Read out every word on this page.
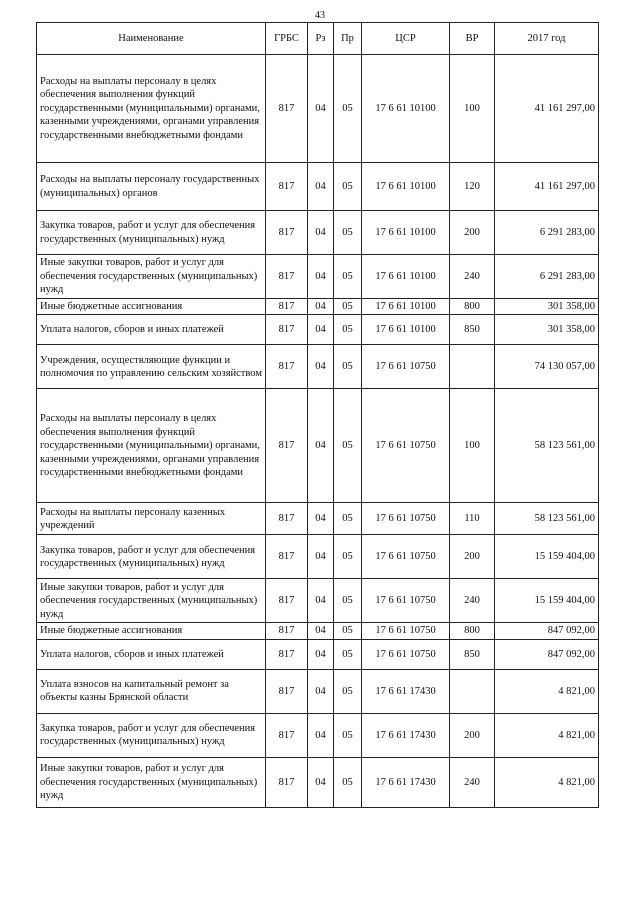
43
Наименование	ГРБС	Рз	Пр	ЦСР	ВР	2017 год
Расходы на выплаты персоналу в целях обеспечения выполнения функций государственными (муниципальными) органами, казенными учреждениями, органами управления государственными внебюджетными фондами	817	04	05	17 6 61 10100	100	41 161 297,00
Расходы на выплаты персоналу государственных (муниципальных) органов	817	04	05	17 6 61 10100	120	41 161 297,00
Закупка товаров, работ и услуг для обеспечения государственных (муниципальных) нужд	817	04	05	17 6 61 10100	200	6 291 283,00
Иные закупки товаров, работ и услуг для обеспечения государственных (муниципальных) нужд	817	04	05	17 6 61 10100	240	6 291 283,00
Иные бюджетные ассигнования	817	04	05	17 6 61 10100	800	301 358,00
Уплата налогов, сборов и иных платежей	817	04	05	17 6 61 10100	850	301 358,00
Учреждения, осуществляющие функции и полномочия по управлению сельским хозяйством	817	04	05	17 6 61 10750		74 130 057,00
Расходы на выплаты персоналу в целях обеспечения выполнения функций государственными (муниципальными) органами, казенными учреждениями, органами управления государственными внебюджетными фондами	817	04	05	17 6 61 10750	100	58 123 561,00
Расходы на выплаты персоналу казенных учреждений	817	04	05	17 6 61 10750	110	58 123 561,00
Закупка товаров, работ и услуг для обеспечения государственных (муниципальных) нужд	817	04	05	17 6 61 10750	200	15 159 404,00
Иные закупки товаров, работ и услуг для обеспечения государственных (муниципальных) нужд	817	04	05	17 6 61 10750	240	15 159 404,00
Иные бюджетные ассигнования	817	04	05	17 6 61 10750	800	847 092,00
Уплата налогов, сборов и иных платежей	817	04	05	17 6 61 10750	850	847 092,00
Уплата взносов на капитальный ремонт за объекты казны Брянской области	817	04	05	17 6 61 17430		4 821,00
Закупка товаров, работ и услуг для обеспечения государственных (муниципальных) нужд	817	04	05	17 6 61 17430	200	4 821,00
Иные закупки товаров, работ и услуг для обеспечения государственных (муниципальных) нужд	817	04	05	17 6 61 17430	240	4 821,00
